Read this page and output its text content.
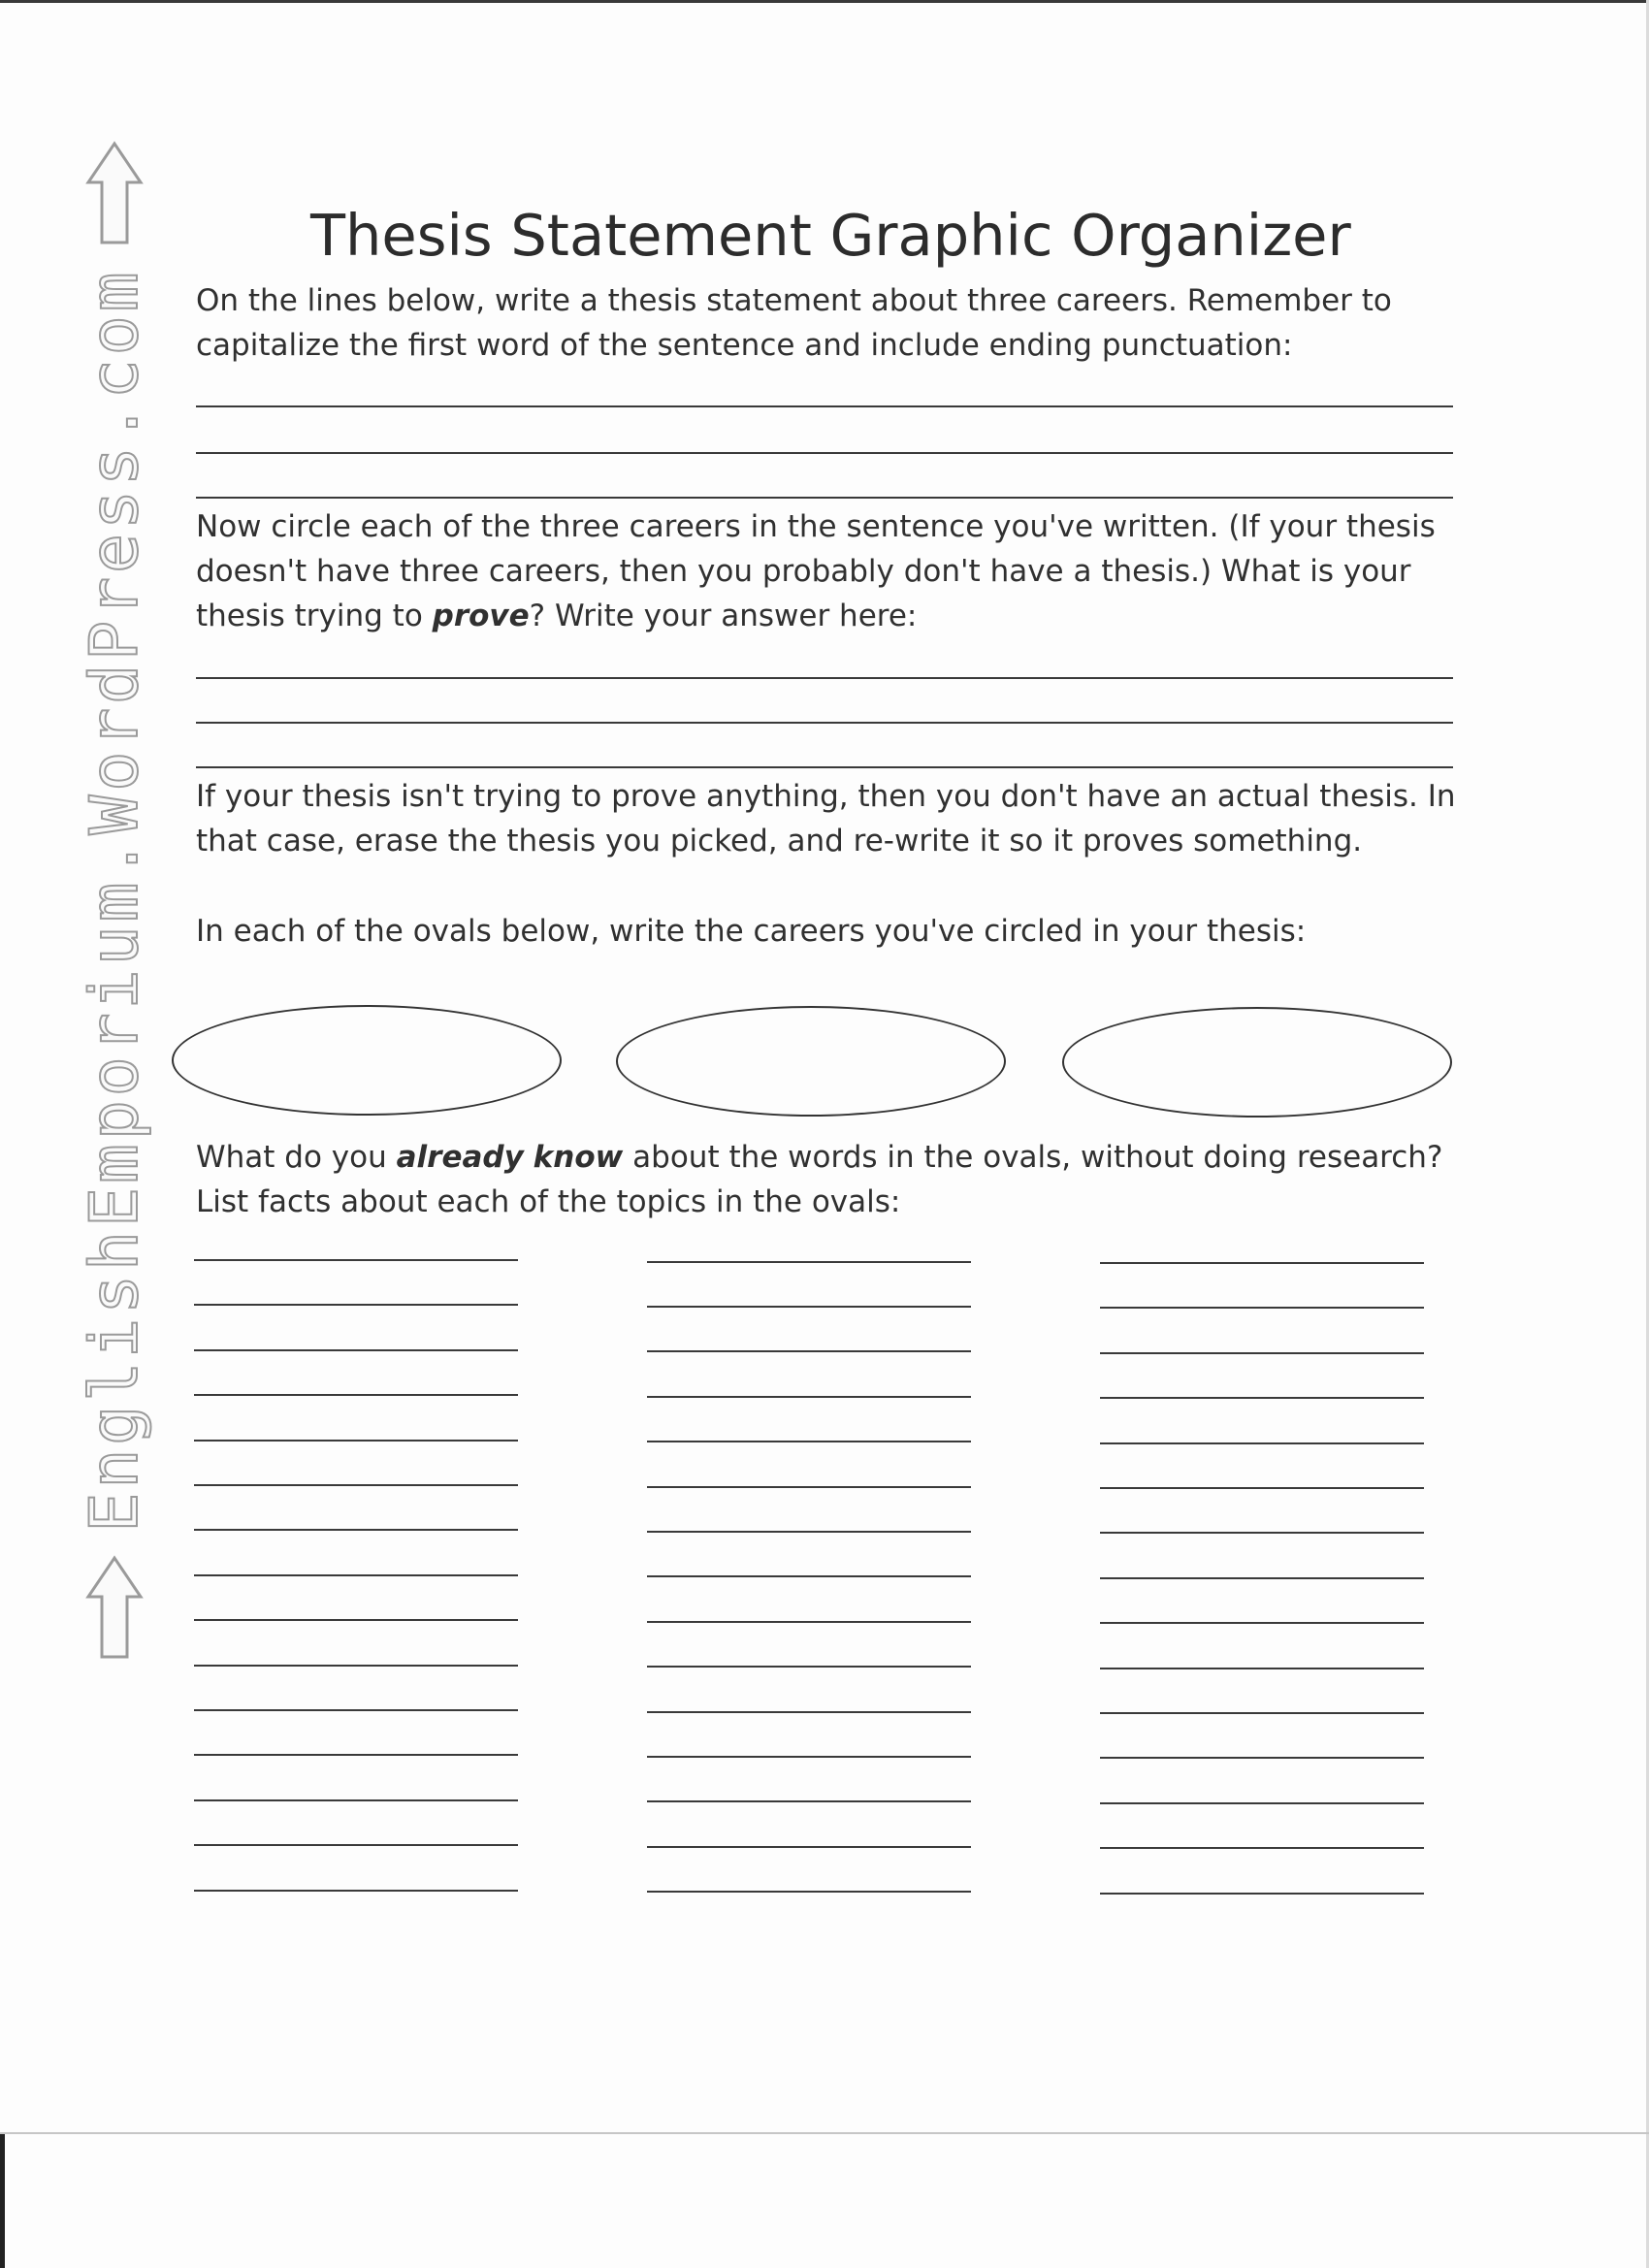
EnglishEmporium.WordPress.com
Thesis Statement Graphic Organizer

On the lines below, write a thesis statement about three careers. Remember to capitalize the first word of the sentence and include ending punctuation:

Now circle each of the three careers in the sentence you've written. (If your thesis doesn't have three careers, then you probably don't have a thesis.) What is your thesis trying to prove? Write your answer here:

If your thesis isn't trying to prove anything, then you don't have an actual thesis. In that case, erase the thesis you picked, and re-write it so it proves something.

In each of the ovals below, write the careers you've circled in your thesis:

What do you already know about the words in the ovals, without doing research? List facts about each of the topics in the ovals:
